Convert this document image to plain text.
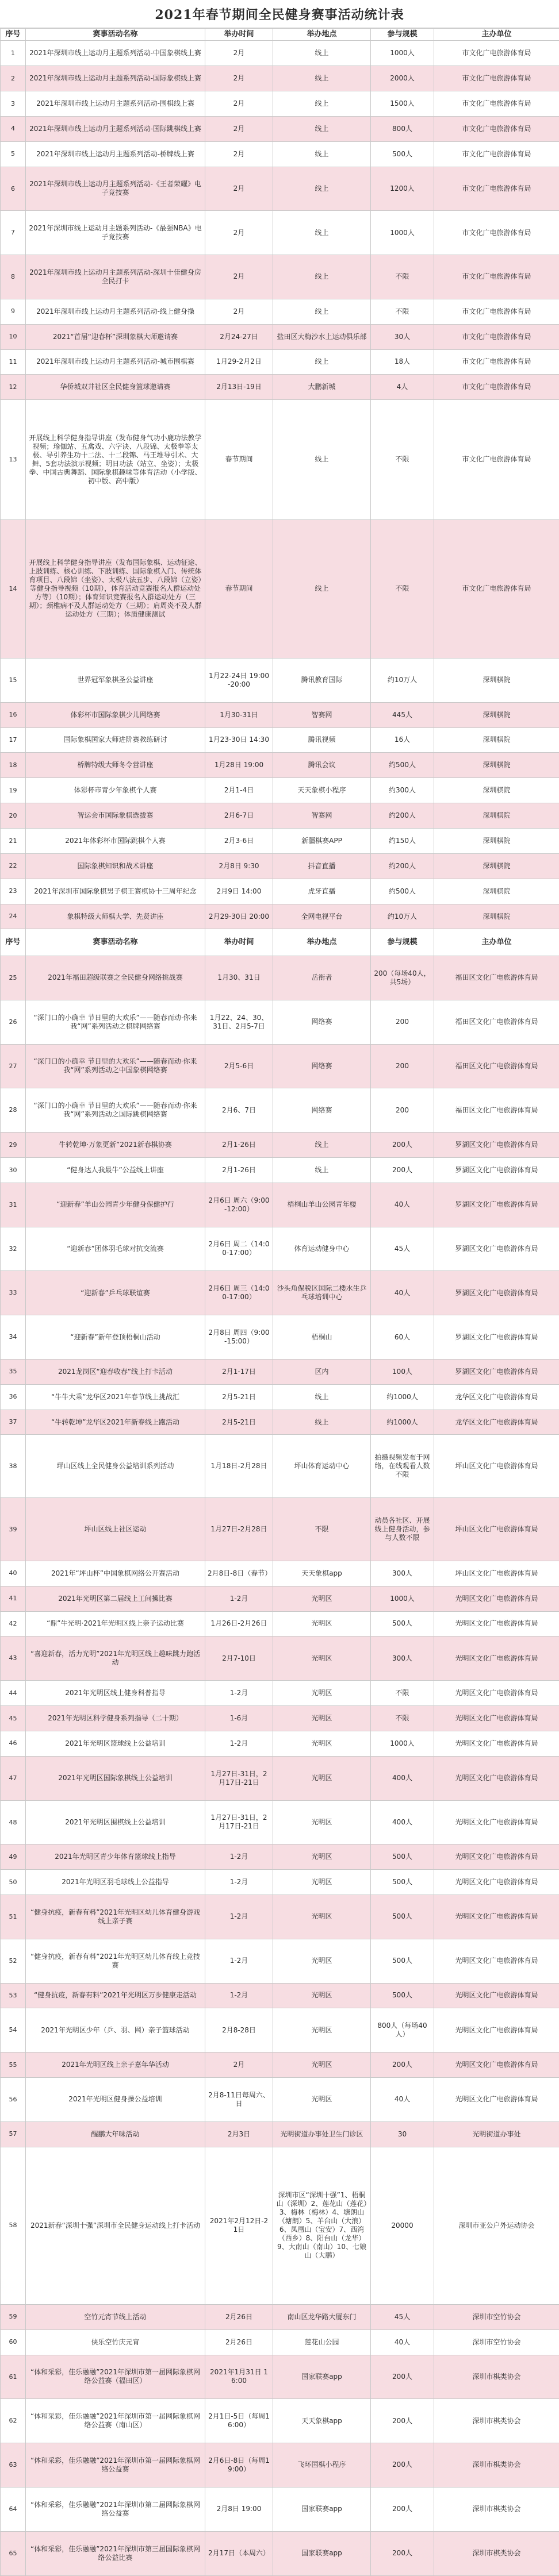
2021年春节期间全民健身赛事活动统计表
序号	赛事活动名称	举办时间	举办地点	参与规模	主办单位
1	2021年深圳市线上运动月主题系列活动-中国象棋线上赛	2月	线上	1000人	市文化广电旅游体育局
2	2021年深圳市线上运动月主题系列活动-国际象棋线上赛	2月	线上	2000人	市文化广电旅游体育局
3	2021年深圳市线上运动月主题系列活动-围棋线上赛	2月	线上	1500人	市文化广电旅游体育局
4	2021年深圳市线上运动月主题系列活动-国际跳棋线上赛	2月	线上	800人	市文化广电旅游体育局
5	2021年深圳市线上运动月主题系列活动-桥牌线上赛	2月	线上	500人	市文化广电旅游体育局
6	2021年深圳市线上运动月主题系列活动-《王者荣耀》电子竞技赛	2月	线上	1200人	市文化广电旅游体育局
7	2021年深圳市线上运动月主题系列活动-《最强NBA》电子竞技赛	2月	线上	1000人	市文化广电旅游体育局
8	2021年深圳市线上运动月主题系列活动-深圳十佳健身房全民打卡	2月	线上	不限	市文化广电旅游体育局
9	2021年深圳市线上运动月主题系列活动-线上健身操	2月	线上	不限	市文化广电旅游体育局
10	2021“首届“迎春杯”深圳象棋大师邀请赛	2月24-27日	盐田区大梅沙水上运动俱乐部	30人	市文化广电旅游体育局
11	2021年深圳市线上运动月主题系列活动-城市围棋赛	1月29-2月2日	线上	18人	市文化广电旅游体育局
12	华侨城双井社区全民健身篮球邀请赛	2月13日-19日	大鹏新城	4人	市文化广电旅游体育局
13	开展线上科学健身指导讲座（发布健身气功小鹿功法教学视频；瑜伽站、五禽戏、六字诀、八段锦、太极拳等太极、导引养生功十二法、十二段锦、马王堆导引术、大舞、5套功法演示视频；明日功法（站立、坐姿）；太极拳、中国古典舞蹈、国际象棋趣味等体育活动（小学版、初中版、高中版）	春节期间	线上	不限	市文化广电旅游体育局
14	开展线上科学健身指导讲座（发布国际象棋、运动征途、上肢训练、核心训练、下肢训练、国际象棋入门、传统体育项目、八段锦（坐姿）、太极八法五步、八段锦（立姿）等健身指导视频（10期），体育活动竞赛报名人群运动处方等）（10期）；体育知识竞赛报名入群运动处方（三期）；颈椎病不及人群运动处方（三期）；肩周炎不及人群运动处方（三期）；体质健康测试	春节期间	线上	不限	市文化广电旅游体育局
15	世界冠军象棋圣公益讲座	1月22-24日 19:00-20:00	腾讯教育国际	约10万人	深圳棋院
16	体彩杯市国际象棋少儿网络赛	1月30-31日	智赛网	445人	深圳棋院
17	国际象棋国家大师进阶赛教练研讨	1月23-30日 14:30	腾讯视频	16人	深圳棋院
18	桥牌特级大师冬令营讲座	1月28日 19:00	腾讯会议	约500人	深圳棋院
19	体彩杯市青少年象棋个人赛	2月1-4日	天天象棋小程序	约300人	深圳棋院
20	智运会市国际象棋选拔赛	2月6-7日	智赛网	约200人	深圳棋院
21	2021年体彩杯市国际跳棋个人赛	2月3-6日	新疆棋赛APP	约150人	深圳棋院
22	国际象棋知识和战术讲座	2月8日 9:30	抖音直播	约200人	深圳棋院
23	2021年深圳市国际象棋男子棋王赛棋协十三周年纪念	2月9日 14:00	虎牙直播	约500人	深圳棋院
24	象棋特级大师棋大学、先贤讲座	2月29-30日 20:00	全网电视平台	约10万人	深圳棋院
序号	赛事活动名称	举办时间	举办地点	参与规模	主办单位
25	2021年福田超级联赛之全民健身网络挑战赛	1月30、31日	岳衔者	200（每场40人，共5场）	福田区文化广电旅游体育局
26	“深门口的小确幸 节日里的大欢乐”——随春而动·你来我“网”系列活动之棋牌网络赛	1月22、24、30、31日、2月5-7日	网络赛	200	福田区文化广电旅游体育局
27	“深门口的小确幸 节日里的大欢乐”——随春而动·你来我“网”系列活动之中国象棋网络赛	2月5-6日	网络赛	200	福田区文化广电旅游体育局
28	“深门口的小确幸 节日里的大欢乐”——随春而动·你来我“网”系列活动之国际跳棋网络赛	2月6、7日	网络赛	200	福田区文化广电旅游体育局
29	牛转乾坤·万象更新”2021新春棋协赛	2月1-26日	线上	200人	罗湖区文化广电旅游体育局
30	“健身达人我最牛”公益线上讲座	2月1-26日	线上	200人	罗湖区文化广电旅游体育局
31	“迎新春”羊山公园青少年健身保健护行	2月6日 周六（9:00-12:00）	梧桐山羊山公园青年楼	40人	罗湖区文化广电旅游体育局
32	“迎新春”团体羽毛球对抗交流赛	2月6日 周二（14:00-17:00）	体育运动健身中心	45人	罗湖区文化广电旅游体育局
33	“迎新春”乒乓球联谊赛	2月6日 周三（14:00-17:00）	沙头角保税区国际二楼水生乒乓球培训中心	40人	罗湖区文化广电旅游体育局
34	“迎新春”新年登顶梧桐山活动	2月8日 周四（9:00-15:00）	梧桐山	60人	罗湖区文化广电旅游体育局
35	2021龙岗区“迎春收春”线上打卡活动	2月1-17日	区内	100人	罗湖区文化广电旅游体育局
36	“牛牛大乘”龙华区2021年春节线上挑战汇	2月5-21日	线上	约1000人	龙华区文化广电旅游体育局
37	“牛转乾坤”龙华区2021年新春线上跑活动	2月5-21日	线上	约1000人	龙华区文化广电旅游体育局
38	坪山区线上全民健身公益培训系列活动	1月18日-2月28日	坪山体育运动中心	拍摄视频发布于网络，在线观看人数不限	坪山区文化广电旅游体育局
39	坪山区线上社区运动	1月27日-2月28日	不限	动员各社区、开展线上健身活动，参与人数不限	坪山区文化广电旅游体育局
40	2021年“坪山杯”中国象棋网络公开赛活动	2月8日-8日（春节）	天天象棋app	300人	坪山区文化广电旅游体育局
41	2021年光明区第二届线上工间操比赛	1-2月	光明区	1000人	光明区文化广电旅游体育局
42	“鼎”牛光明·2021年光明区线上亲子运动比赛	1月26日-2月26日	光明区	500人	光明区文化广电旅游体育局
43	“喜迎新春，活力光明”2021年光明区线上趣味跳力跑活动	2月7-10日	光明区	300人	光明区文化广电旅游体育局
44	2021年光明区线上健身科普指导	1-2月	光明区	不限	光明区文化广电旅游体育局
45	2021年光明区科学健身系列指导（二十期）	1-6月	光明区	不限	光明区文化广电旅游体育局
46	2021年光明区篮球线上公益培训	1-2月	光明区	1000人	光明区文化广电旅游体育局
47	2021年光明区国际象棋线上公益培训	1月27日-31日，2月17日-21日	光明区	400人	光明区文化广电旅游体育局
48	2021年光明区围棋线上公益培训	1月27日-31日，2月17日-21日	光明区	400人	光明区文化广电旅游体育局
49	2021年光明区青少年体育篮球线上指导	1-2月	光明区	500人	光明区文化广电旅游体育局
50	2021年光明区羽毛球线上公益指导	1-2月	光明区	500人	光明区文化广电旅游体育局
51	“健身抗疫，新春有料”2021年光明区幼儿体育健身游戏线上亲子赛	1-2月	光明区	500人	光明区文化广电旅游体育局
52	“健身抗疫，新春有料”2021年光明区幼儿体育线上竞技赛	1-2月	光明区	500人	光明区文化广电旅游体育局
53	“健身抗疫，新春有料”2021年光明区万步健康走活动	1-2月	光明区	500人	光明区文化广电旅游体育局
54	2021年光明区少年（乒、羽、网）亲子篮球活动	2月8-28日	光明区	800人（每场40人）	光明区文化广电旅游体育局
55	2021年光明区线上亲子嘉年华活动	2月	光明区	200人	光明区文化广电旅游体育局
56	2021年光明区健身操公益培训	2月8-11日每周六、日	光明区	40人	光明区文化广电旅游体育局
57	醒鹏大年味活动	2月3日	光明街道办事处卫生门诊区	30	光明街道办事处
58	2021新春“深圳十强”深圳市全民健身运动线上打卡活动	2021年2月12日-21日	深圳市区“深圳十强”1、梧桐山（深圳）2、莲花山（莲花）3、梅林（梅林）4、塘朗山（塘朗）5、羊台山（大浪）6、凤凰山（宝安）7、西湾（西乡）8、阳台山（龙华）9、大南山（南山）10、七娘山（大鹏）	20000	深圳市亚公户外运动协会
59	空竹元宵节线上活动	2月26日	南山区龙华路大厦东门	45人	深圳市空竹协会
60	侠乐空竹庆元宵	2月26日	莲花山公园	40人	深圳市空竹协会
61	“体和采彩，佳乐融融”2021年深圳市第一届网际象棋网络公益赛（福田区）	2021年1月31日 16:00	国家联赛app	200人	深圳市棋类协会
62	“体和采彩，佳乐融融”2021年深圳市第一届网际象棋网络公益赛（南山区）	2月1日-5日（每周16:00）	天天象棋app	200人	深圳市棋类协会
63	“体和采彩，佳乐融融”2021年深圳市第一届网际象棋网络公益赛	2月6日-8日（每周19:00）	飞环国棋小程序	200人	深圳市棋类协会
64	“体和采彩，佳乐融融”2021年深圳市第二届网际象棋网络公益赛	2月8日 19:00	国家联赛app	200人	深圳市棋类协会
65	“体和采彩，佳乐融融”2021年深圳市第三届国际象棋网络公益比赛	2月17日（本周六）	国家联赛app	200人	深圳市棋类协会
